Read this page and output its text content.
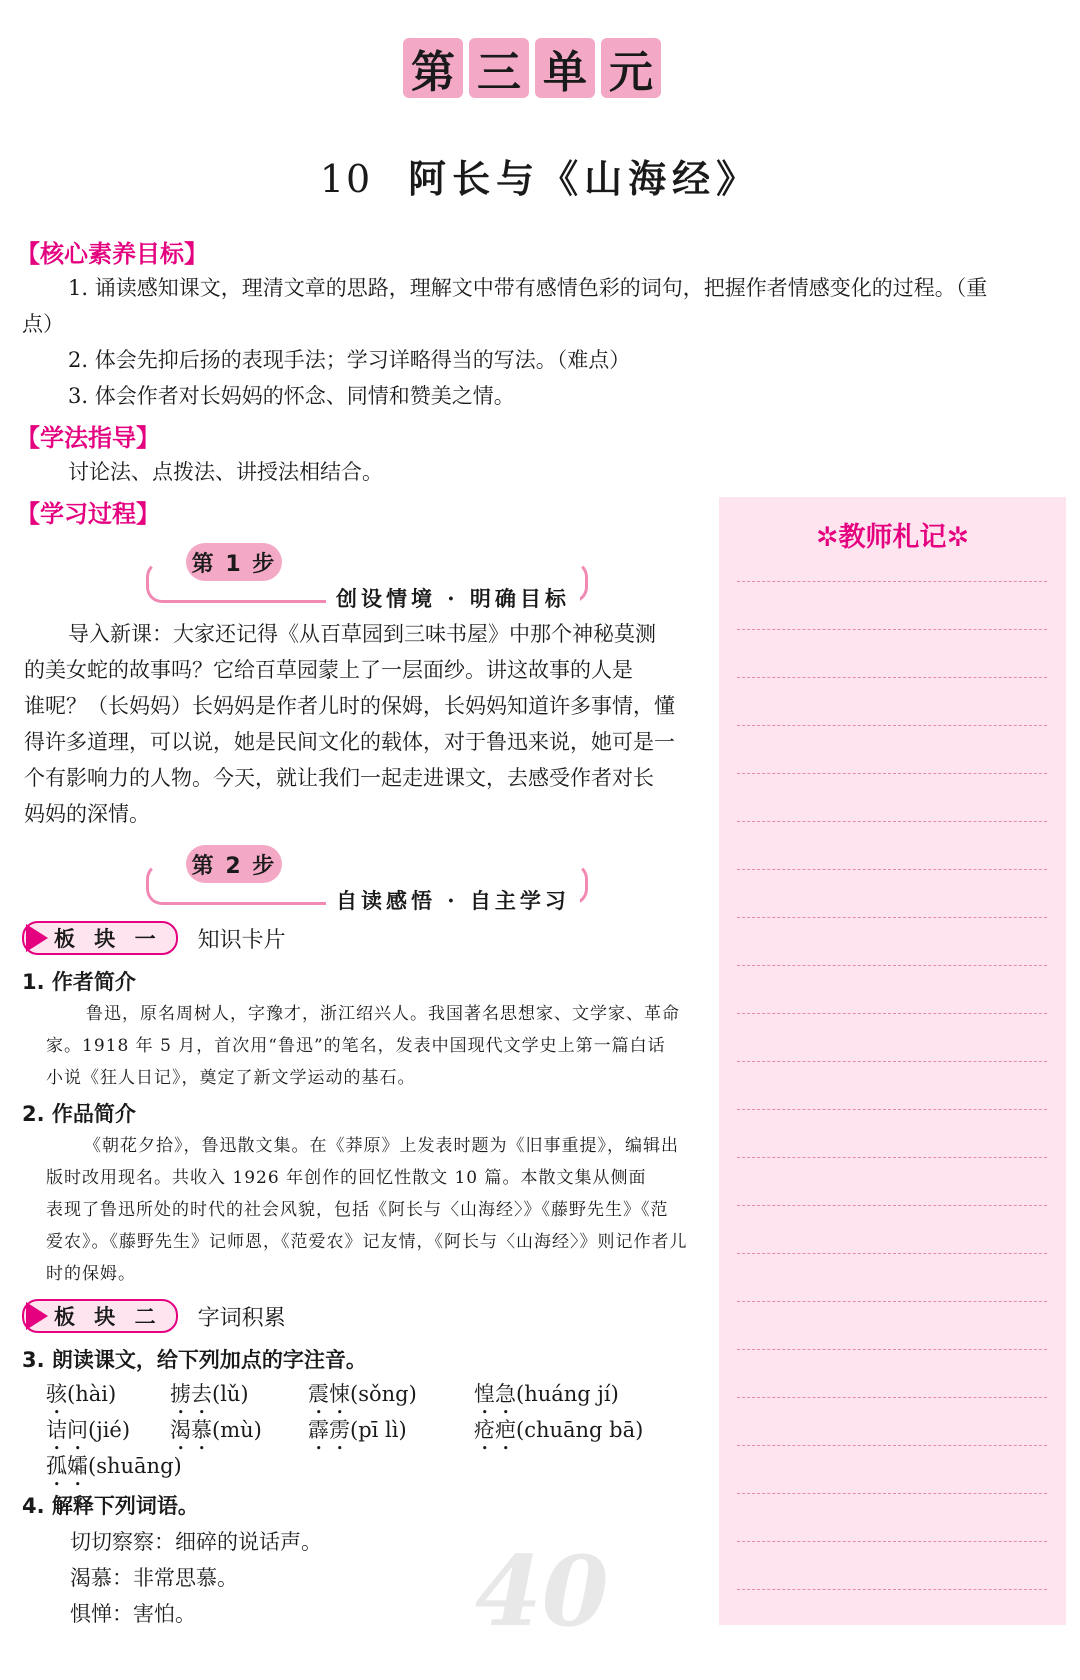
第 三 单 元
10 阿长与《山海经》
【核心素养目标】
1. 诵读感知课文，理清文章的思路，理解文中带有感情色彩的词句，把握作者情感变化的过程。（重
点）
2. 体会先抑后扬的表现手法；学习详略得当的写法。（难点）
3. 体会作者对长妈妈的怀念、同情和赞美之情。
【学法指导】
讨论法、点拨法、讲授法相结合。
【学习过程】
第 1 步
创设情境 · 明确目标
导入新课：大家还记得《从百草园到三味书屋》中那个神秘莫测
的美女蛇的故事吗？它给百草园蒙上了一层面纱。讲这故事的人是
谁呢？（长妈妈）长妈妈是作者儿时的保姆，长妈妈知道许多事情，懂
得许多道理，可以说，她是民间文化的载体，对于鲁迅来说，她可是一
个有影响力的人物。今天，就让我们一起走进课文，去感受作者对长
妈妈的深情。
第 2 步
自读感悟 · 自主学习
板 块 一 知识卡片
1. 作者简介
鲁迅，原名周树人，字豫才，浙江绍兴人。我国著名思想家、文学家、革命
家。1918 年 5 月，首次用“鲁迅”的笔名，发表中国现代文学史上第一篇白话
小说《狂人日记》，奠定了新文学运动的基石。
2. 作品简介
《朝花夕拾》，鲁迅散文集。在《莽原》上发表时题为《旧事重提》，编辑出
版时改用现名。共收入 1926 年创作的回忆性散文 10 篇。本散文集从侧面
表现了鲁迅所处的时代的社会风貌，包括《阿长与〈山海经〉》《藤野先生》《范
爱农》。《藤野先生》记师恩，《范爱农》记友情，《阿长与〈山海经〉》则记作者儿
时的保姆。
板 块 二 字词积累
3. 朗读课文，给下列加点的字注音。
骇(hài)	掳去(lǔ)	震悚(sǒng)	惶急(huáng jí)
诘问(jié) 渴慕(mù) 霹雳(pī lì)	疮疤(chuāng bā)
孤孀(shuāng)
4. 解释下列词语。
切切察察：细碎的说话声。
渴慕：非常思慕。
惧惮：害怕。	40
✲教师札记✲
